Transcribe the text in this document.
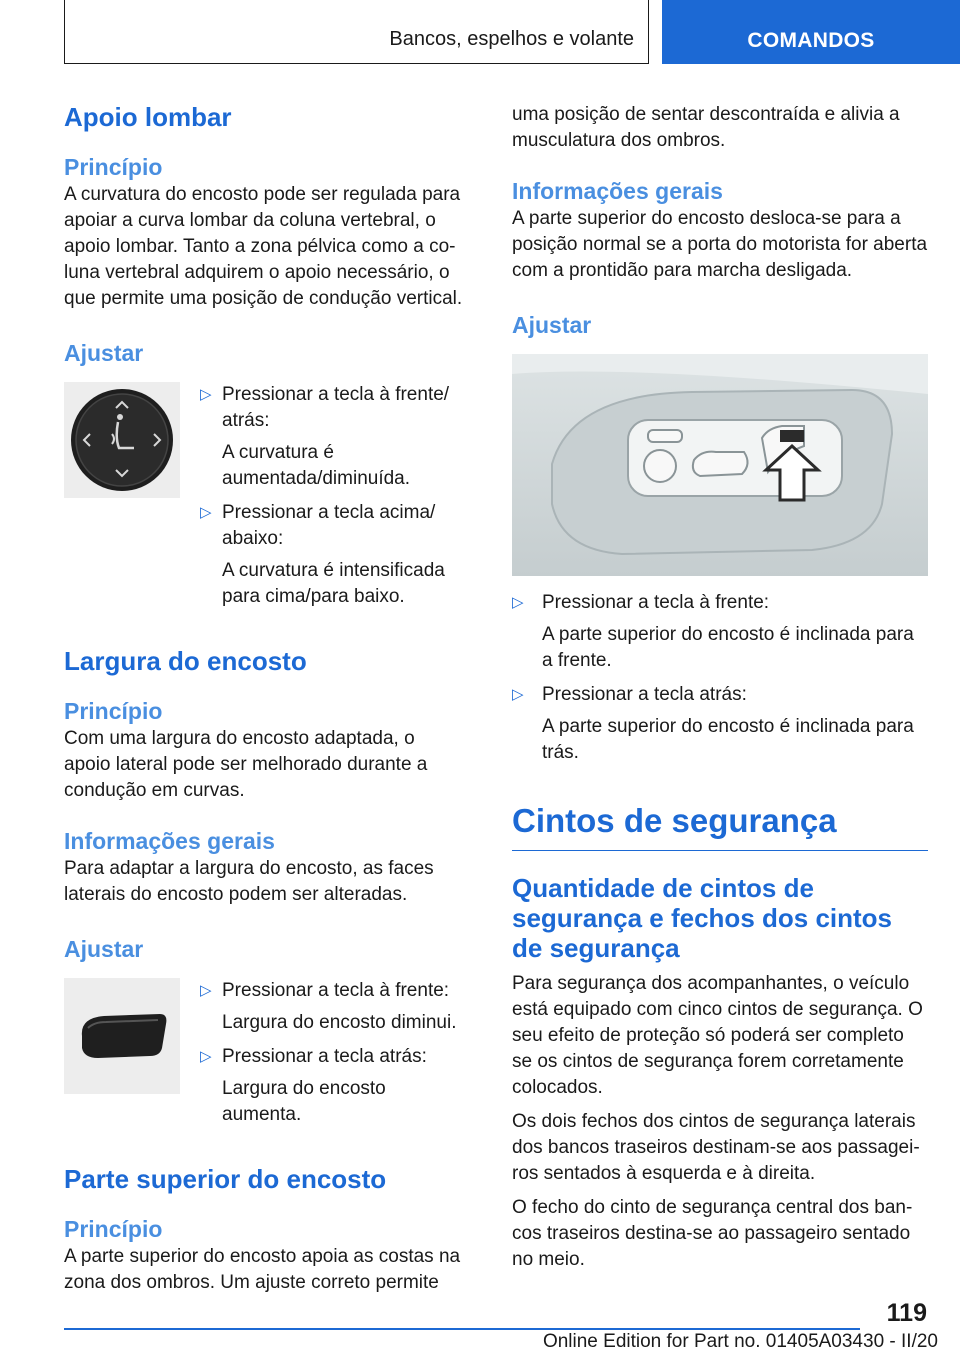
Bancos, espelhos e volante	COMANDOS
Apoio lombar
Princípio

A curvatura do encosto pode ser regulada para apoiar a curva lombar da coluna vertebral, o apoio lombar. Tanto a zona pélvica como a coluna vertebral adquirem o apoio necessário, o que permite uma posição de condução vertical.

Ajustar
▷ Pressionar a tecla à frente/ atrás:

A curvatura é aumentada/diminuída.

▷ Pressionar a tecla acima/ abaixo:

A curvatura é intensificada para cima/para baixo.

Largura do encosto
Princípio

Com uma largura do encosto adaptada, o apoio lateral pode ser melhorado durante a condução em curvas.

Informações gerais

Para adaptar a largura do encosto, as faces laterais do encosto podem ser alteradas.

Ajustar
▷ Pressionar a tecla à frente:

Largura do encosto diminui.

▷ Pressionar a tecla atrás:

Largura do encosto aumenta.

Parte superior do encosto
Princípio

A parte superior do encosto apoia as costas na zona dos ombros. Um ajuste correto permite

uma posição de sentar descontraída e alivia a musculatura dos ombros.

Informações gerais

A parte superior do encosto desloca-se para a posição normal se a porta do motorista for aberta com a prontidão para marcha desligada.

Ajustar
▷ Pressionar a tecla à frente:

A parte superior do encosto é inclinada para a frente.

▷ Pressionar a tecla atrás:

A parte superior do encosto é inclinada para trás.

Cintos de segurança
Quantidade de cintos de segurança e fechos dos cintos de segurança

Para segurança dos acompanhantes, o veículo está equipado com cinco cintos de segurança. O seu efeito de proteção só poderá ser completo se os cintos de segurança forem corretamente colocados.

Os dois fechos dos cintos de segurança laterais dos bancos traseiros destinam-se aos passageiros sentados à esquerda e à direita.

O fecho do cinto de segurança central dos bancos traseiros destina-se ao passageiro sentado no meio.

119
Online Edition for Part no. 01405A03430 - II/20
